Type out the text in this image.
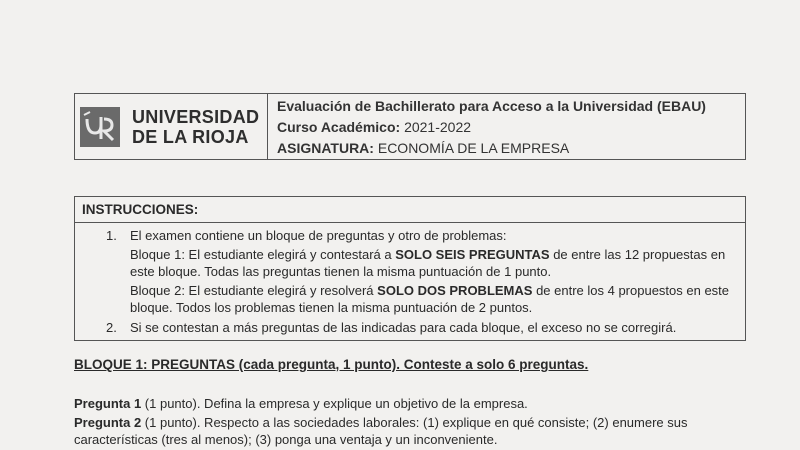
UNIVERSIDAD
DE LA RIOJA
Evaluación de Bachillerato para Acceso a la Universidad (EBAU)
Curso Académico: 2021-2022
ASIGNATURA: ECONOMÍA DE LA EMPRESA
INSTRUCCIONES:
1. El examen contiene un bloque de preguntas y otro de problemas:
Bloque 1: El estudiante elegirá y contestará a SOLO SEIS PREGUNTAS de entre las 12 propuestas en este bloque. Todas las preguntas tienen la misma puntuación de 1 punto.
Bloque 2: El estudiante elegirá y resolverá SOLO DOS PROBLEMAS de entre los 4 propuestos en este bloque. Todos los problemas tienen la misma puntuación de 2 puntos.
2. Si se contestan a más preguntas de las indicadas para cada bloque, el exceso no se corregirá.
BLOQUE 1: PREGUNTAS (cada pregunta, 1 punto). Conteste a solo 6 preguntas.
Pregunta 1 (1 punto). Defina la empresa y explique un objetivo de la empresa.
Pregunta 2 (1 punto). Respecto a las sociedades laborales: (1) explique en qué consiste; (2) enumere sus características (tres al menos); (3) ponga una ventaja y un inconveniente.
